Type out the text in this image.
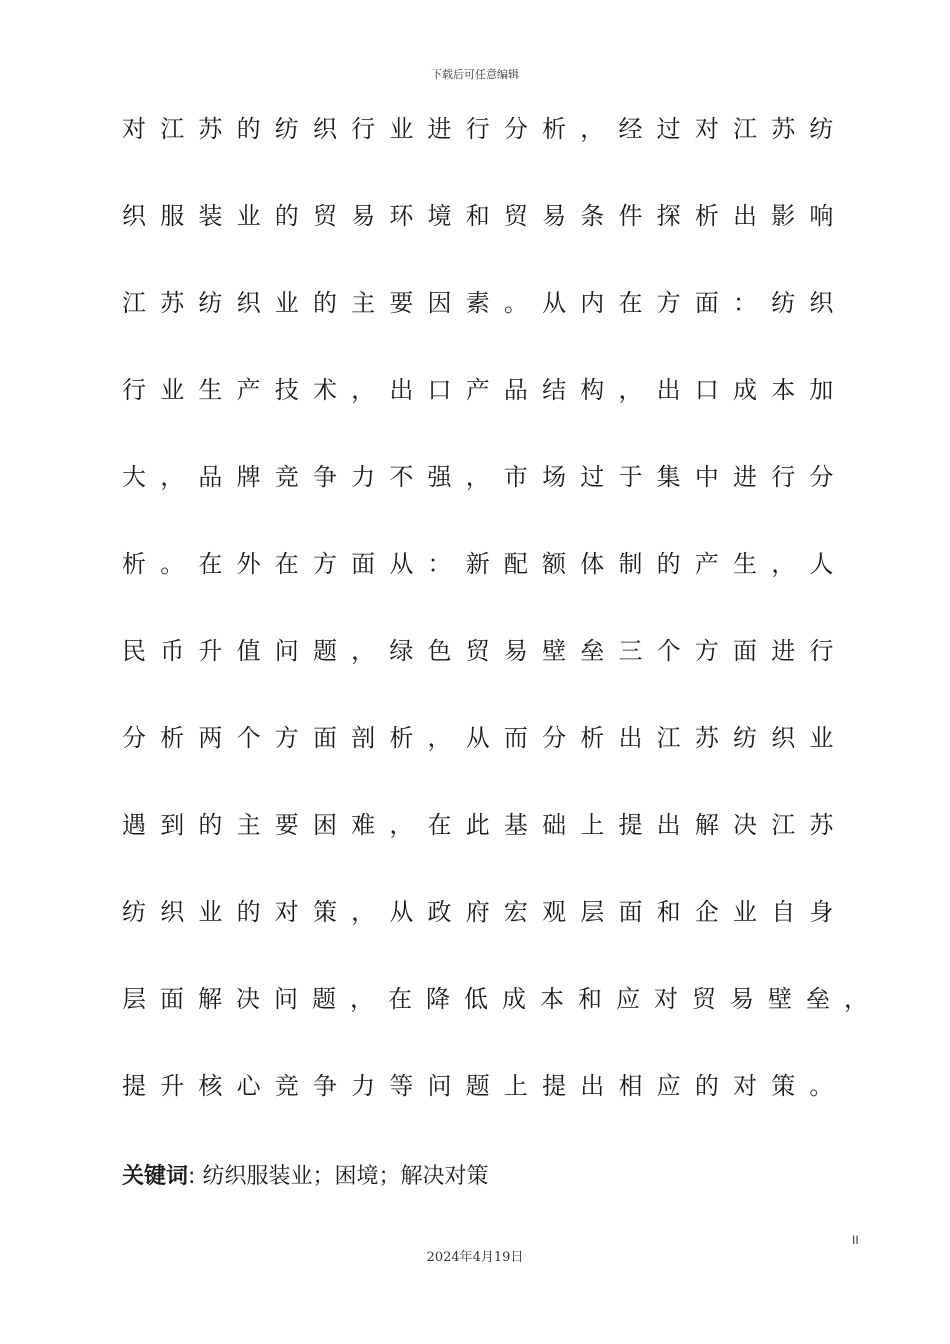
下载后可任意编辑
对 江 苏 的 纺 织 行 业 进 行 分 析 ， 经 过 对 江 苏 纺
织 服 装 业 的 贸 易 环 境 和 贸 易 条 件 探 析 出 影 响
江 苏 纺 织 业 的 主 要 因 素 。 从 内 在 方 面 ： 纺 织
行 业 生 产 技 术 ， 出 口 产 品 结 构 ， 出 口 成 本 加
大 ， 品 牌 竞 争 力 不 强 ， 市 场 过 于 集 中 进 行 分
析 。 在 外 在 方 面 从 ： 新 配 额 体 制 的 产 生 ， 人
民 币 升 值 问 题 ， 绿 色 贸 易 壁 垒 三 个 方 面 进 行
分 析 两 个 方 面 剖 析 ， 从 而 分 析 出 江 苏 纺 织 业
遇 到 的 主 要 困 难 ， 在 此 基 础 上 提 出 解 决 江 苏
纺 织 业 的 对 策 ， 从 政 府 宏 观 层 面 和 企 业 自 身
层 面 解 决 问 题 ， 在 降 低 成 本 和 应 对 贸 易 壁 垒 ，
提 升 核 心 竞 争 力 等 问 题 上 提 出 相 应 的 对 策 。
关键词: 纺织服装业；困境；解决对策
II
2024年4月19日
